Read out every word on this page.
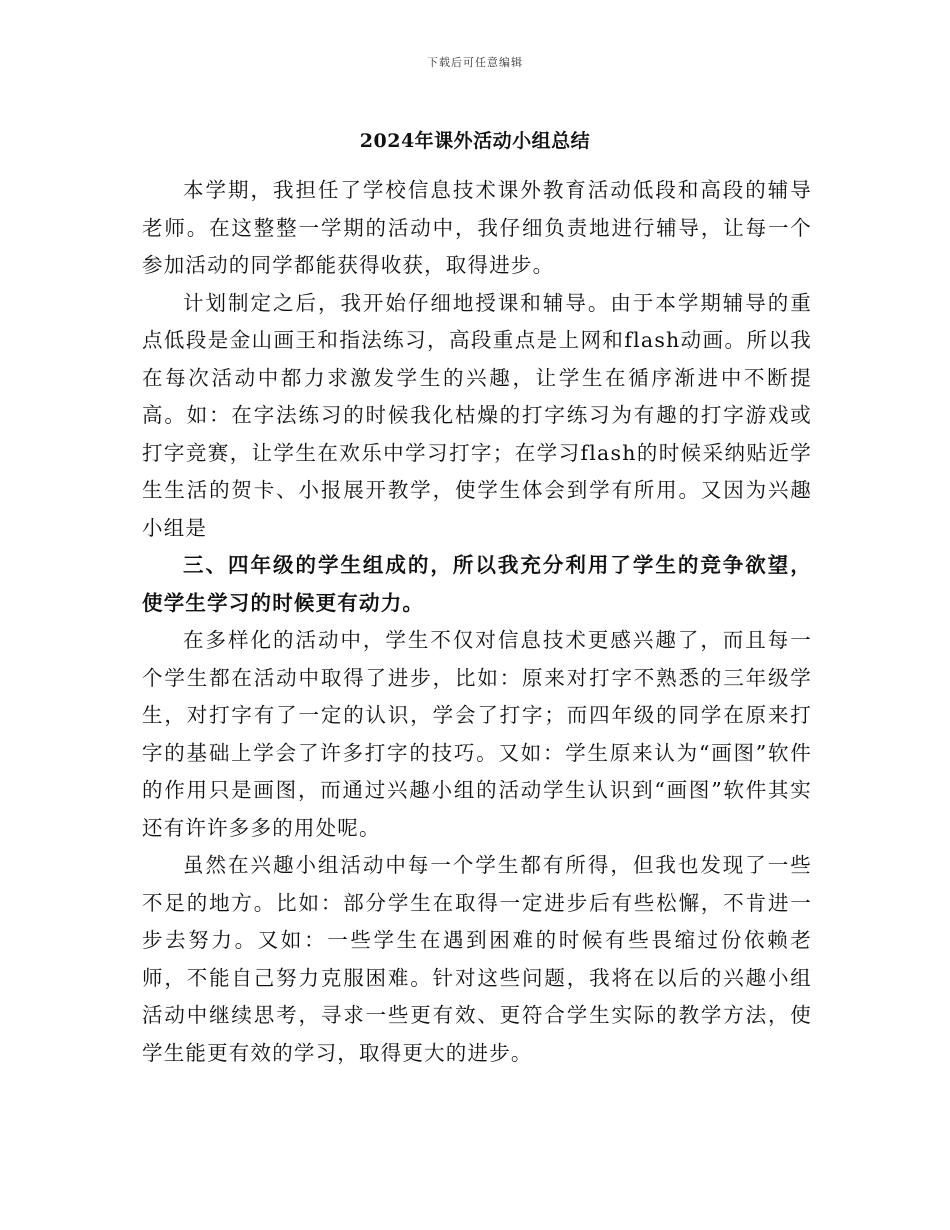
下载后可任意编辑
2024年课外活动小组总结

本学期，我担任了学校信息技术课外教育活动低段和高段的辅导老师。在这整整一学期的活动中，我仔细负责地进行辅导，让每一个参加活动的同学都能获得收获，取得进步。

计划制定之后，我开始仔细地授课和辅导。由于本学期辅导的重点低段是金山画王和指法练习，高段重点是上网和flash动画。所以我在每次活动中都力求激发学生的兴趣，让学生在循序渐进中不断提高。如：在字法练习的时候我化枯燥的打字练习为有趣的打字游戏或打字竞赛，让学生在欢乐中学习打字；在学习flash的时候采纳贴近学生生活的贺卡、小报展开教学，使学生体会到学有所用。又因为兴趣小组是

三、四年级的学生组成的，所以我充分利用了学生的竞争欲望，使学生学习的时候更有动力。

在多样化的活动中，学生不仅对信息技术更感兴趣了，而且每一个学生都在活动中取得了进步，比如：原来对打字不熟悉的三年级学生，对打字有了一定的认识，学会了打字；而四年级的同学在原来打字的基础上学会了许多打字的技巧。又如：学生原来认为“画图”软件的作用只是画图，而通过兴趣小组的活动学生认识到“画图”软件其实还有许许多多的用处呢。

虽然在兴趣小组活动中每一个学生都有所得，但我也发现了一些不足的地方。比如：部分学生在取得一定进步后有些松懈，不肯进一步去努力。又如：一些学生在遇到困难的时候有些畏缩过份依赖老师，不能自己努力克服困难。针对这些问题，我将在以后的兴趣小组活动中继续思考，寻求一些更有效、更符合学生实际的教学方法，使学生能更有效的学习，取得更大的进步。
